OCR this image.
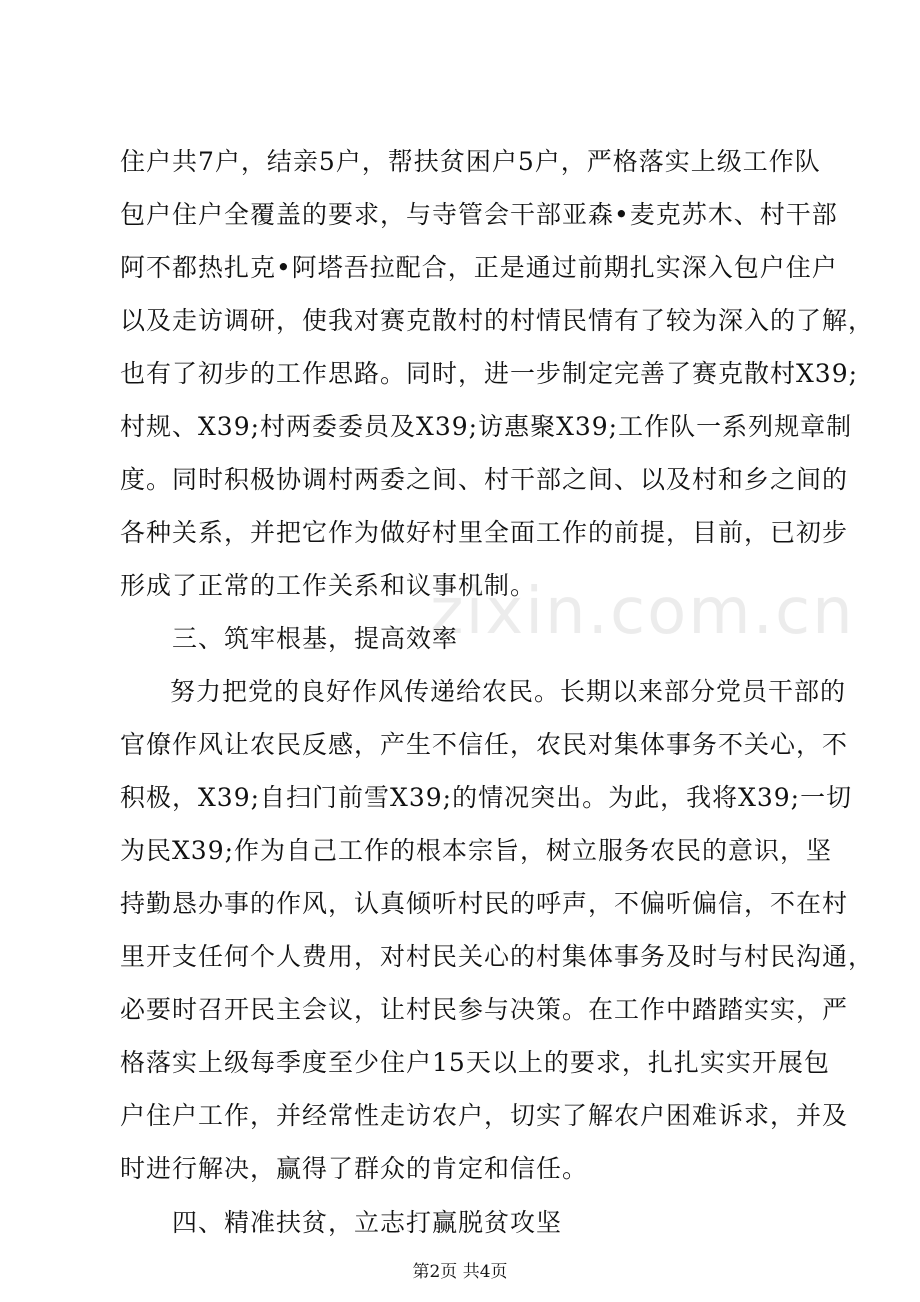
住户共7户，结亲5户，帮扶贫困户5户，严格落实上级工作队
包户住户全覆盖的要求，与寺管会干部亚森•麦克苏木、村干部
阿不都热扎克•阿塔吾拉配合，正是通过前期扎实深入包户住户
以及走访调研，使我对赛克散村的村情民情有了较为深入的了解，
也有了初步的工作思路。同时，进一步制定完善了赛克散村X39;
村规、X39;村两委委员及X39;访惠聚X39;工作队一系列规章制
度。同时积极协调村两委之间、村干部之间、以及村和乡之间的
各种关系，并把它作为做好村里全面工作的前提，目前，已初步
形成了正常的工作关系和议事机制。
三、筑牢根基，提高效率
zixin.com.cn
努力把党的良好作风传递给农民。长期以来部分党员干部的
官僚作风让农民反感，产生不信任，农民对集体事务不关心，不
积极，X39;自扫门前雪X39;的情况突出。为此，我将X39;一切
为民X39;作为自己工作的根本宗旨，树立服务农民的意识，坚
持勤恳办事的作风，认真倾听村民的呼声，不偏听偏信，不在村
里开支任何个人费用，对村民关心的村集体事务及时与村民沟通，
必要时召开民主会议，让村民参与决策。在工作中踏踏实实，严
格落实上级每季度至少住户15天以上的要求，扎扎实实开展包
户住户工作，并经常性走访农户，切实了解农户困难诉求，并及
时进行解决，赢得了群众的肯定和信任。
四、精准扶贫，立志打赢脱贫攻坚
第2页 共4页
